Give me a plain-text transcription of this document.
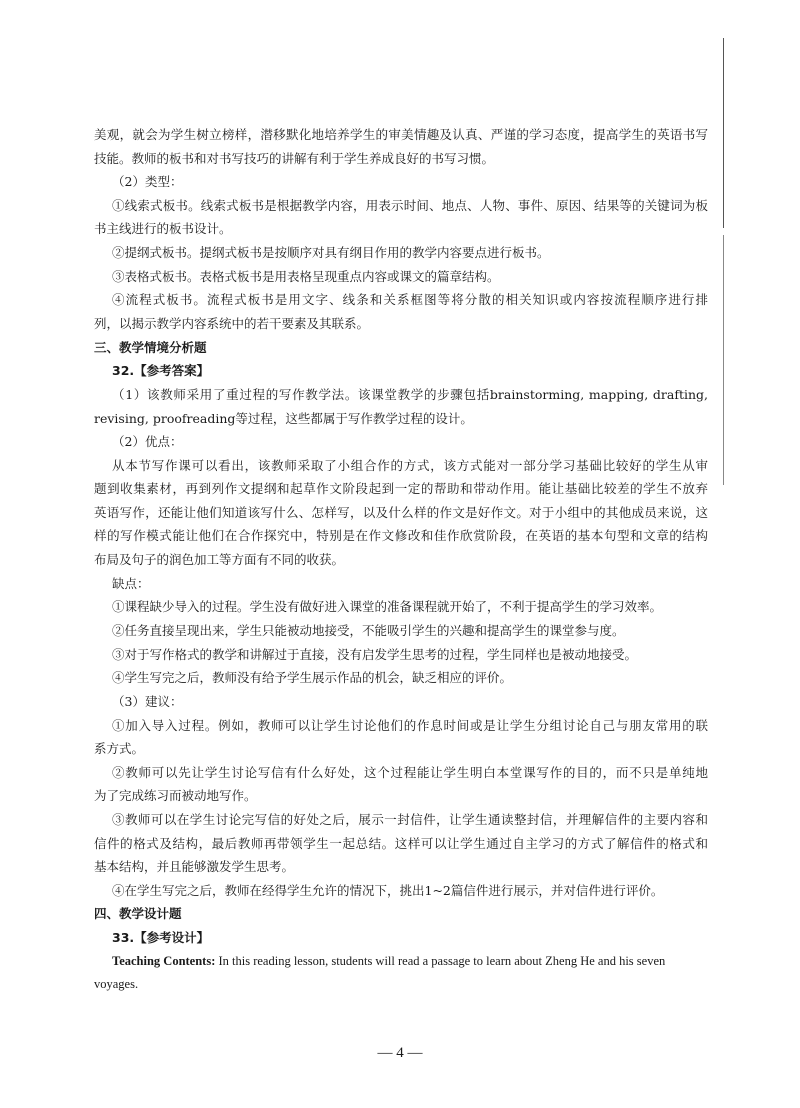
美观，就会为学生树立榜样，潜移默化地培养学生的审美情趣及认真、严谨的学习态度，提高学生的英语书写

技能。教师的板书和对书写技巧的讲解有利于学生养成良好的书写习惯。

（2）类型：

①线索式板书。线索式板书是根据教学内容，用表示时间、地点、人物、事件、原因、结果等的关键词为板

书主线进行的板书设计。

②提纲式板书。提纲式板书是按顺序对具有纲目作用的教学内容要点进行板书。

③表格式板书。表格式板书是用表格呈现重点内容或课文的篇章结构。

④流程式板书。流程式板书是用文字、线条和关系框图等将分散的相关知识或内容按流程顺序进行排

列，以揭示教学内容系统中的若干要素及其联系。

三、教学情境分析题

32.【参考答案】

（1）该教师采用了重过程的写作教学法。该课堂教学的步骤包括brainstorming, mapping, drafting,

revising, proofreading等过程，这些都属于写作教学过程的设计。

（2）优点：

从本节写作课可以看出，该教师采取了小组合作的方式，该方式能对一部分学习基础比较好的学生从审

题到收集素材，再到列作文提纲和起草作文阶段起到一定的帮助和带动作用。能让基础比较差的学生不放弃

英语写作，还能让他们知道该写什么、怎样写，以及什么样的作文是好作文。对于小组中的其他成员来说，这

样的写作模式能让他们在合作探究中，特别是在作文修改和佳作欣赏阶段，在英语的基本句型和文章的结构

布局及句子的润色加工等方面有不同的收获。

缺点：

①课程缺少导入的过程。学生没有做好进入课堂的准备课程就开始了，不利于提高学生的学习效率。

②任务直接呈现出来，学生只能被动地接受，不能吸引学生的兴趣和提高学生的课堂参与度。

③对于写作格式的教学和讲解过于直接，没有启发学生思考的过程，学生同样也是被动地接受。

④学生写完之后，教师没有给予学生展示作品的机会，缺乏相应的评价。

（3）建议：

①加入导入过程。例如，教师可以让学生讨论他们的作息时间或是让学生分组讨论自己与朋友常用的联

系方式。

②教师可以先让学生讨论写信有什么好处，这个过程能让学生明白本堂课写作的目的，而不只是单纯地

为了完成练习而被动地写作。

③教师可以在学生讨论完写信的好处之后，展示一封信件，让学生通读整封信，并理解信件的主要内容和

信件的格式及结构，最后教师再带领学生一起总结。这样可以让学生通过自主学习的方式了解信件的格式和

基本结构，并且能够激发学生思考。

④在学生写完之后，教师在经得学生允许的情况下，挑出1~2篇信件进行展示，并对信件进行评价。

四、教学设计题

33.【参考设计】

Teaching Contents: In this reading lesson, students will read a passage to learn about Zheng He and his seven

voyages.

— 4 —
